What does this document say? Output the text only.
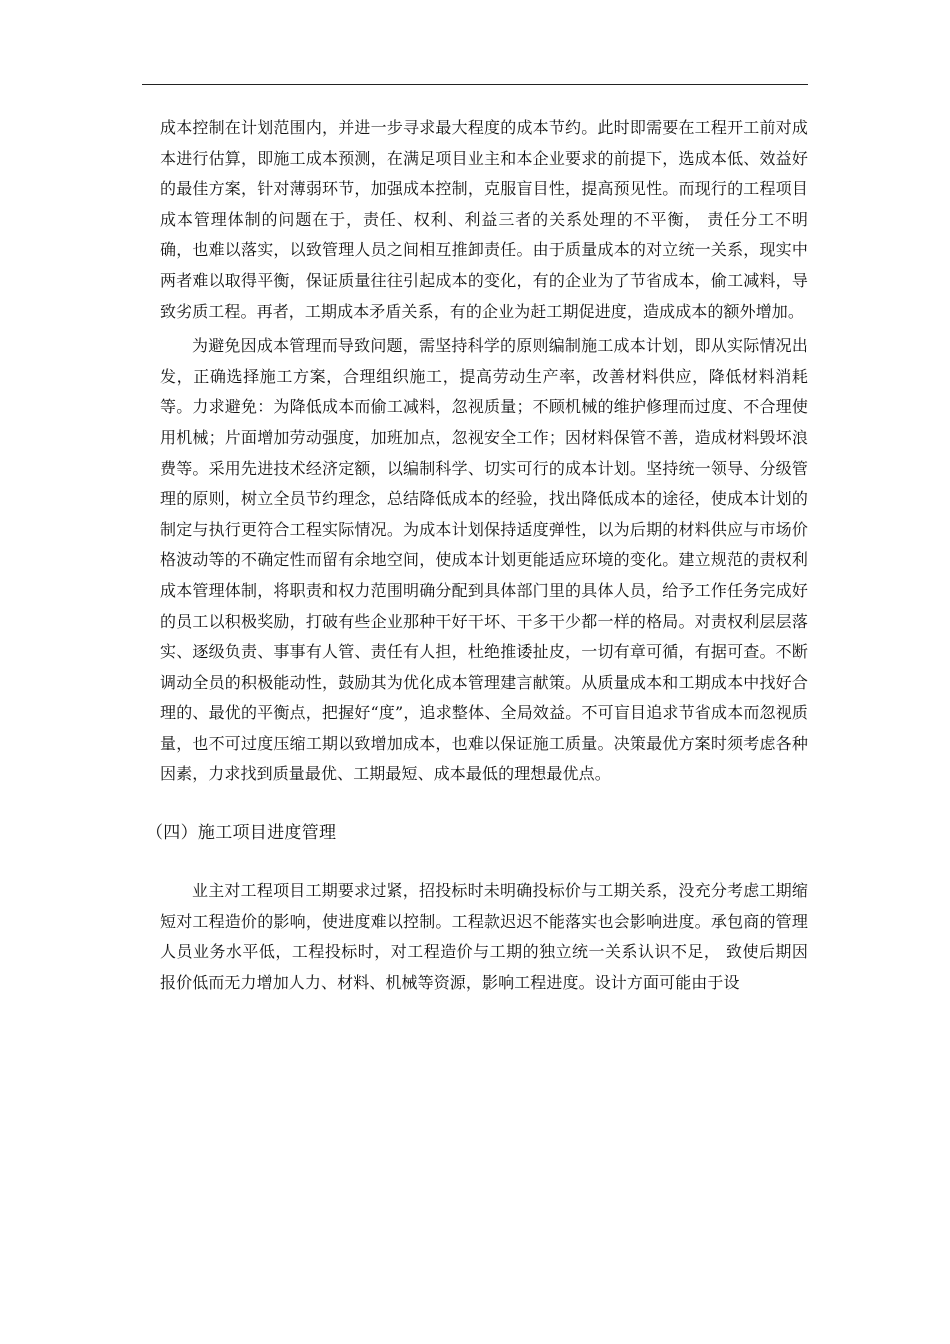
成本控制在计划范围内，并进一步寻求最大程度的成本节约。此时即需要在工程开工前对成本进行估算，即施工成本预测，在满足项目业主和本企业要求的前提下，选成本低、效益好的最佳方案，针对薄弱环节，加强成本控制，克服盲目性，提高预见性。而现行的工程项目成本管理体制的问题在于，责任、权利、利益三者的关系处理的不平衡， 责任分工不明确，也难以落实，以致管理人员之间相互推卸责任。由于质量成本的对立统一关系，现实中两者难以取得平衡，保证质量往往引起成本的变化，有的企业为了节省成本，偷工减料，导致劣质工程。再者，工期成本矛盾关系，有的企业为赶工期促进度，造成成本的额外增加。

为避免因成本管理而导致问题，需坚持科学的原则编制施工成本计划，即从实际情况出发，正确选择施工方案，合理组织施工，提高劳动生产率，改善材料供应，降低材料消耗等。力求避免：为降低成本而偷工减料，忽视质量；不顾机械的维护修理而过度、不合理使用机械；片面增加劳动强度，加班加点，忽视安全工作；因材料保管不善，造成材料毁坏浪费等。采用先进技术经济定额，以编制科学、切实可行的成本计划。坚持统一领导、分级管理的原则，树立全员节约理念，总结降低成本的经验，找出降低成本的途径，使成本计划的制定与执行更符合工程实际情况。为成本计划保持适度弹性，以为后期的材料供应与市场价格波动等的不确定性而留有余地空间，使成本计划更能适应环境的变化。建立规范的责权利成本管理体制，将职责和权力范围明确分配到具体部门里的具体人员，给予工作任务完成好的员工以积极奖励，打破有些企业那种干好干坏、干多干少都一样的格局。对责权利层层落实、逐级负责、事事有人管、责任有人担，杜绝推诿扯皮，一切有章可循，有据可查。不断调动全员的积极能动性，鼓励其为优化成本管理建言献策。从质量成本和工期成本中找好合理的、最优的平衡点，把握好“度”，追求整体、全局效益。不可盲目追求节省成本而忽视质量，也不可过度压缩工期以致增加成本，也难以保证施工质量。决策最优方案时须考虑各种因素，力求找到质量最优、工期最短、成本最低的理想最优点。

（四）施工项目进度管理

业主对工程项目工期要求过紧，招投标时未明确投标价与工期关系，没充分考虑工期缩短对工程造价的影响，使进度难以控制。工程款迟迟不能落实也会影响进度。承包商的管理人员业务水平低，工程投标时，对工程造价与工期的独立统一关系认识不足， 致使后期因报价低而无力增加人力、材料、机械等资源，影响工程进度。设计方面可能由于设
